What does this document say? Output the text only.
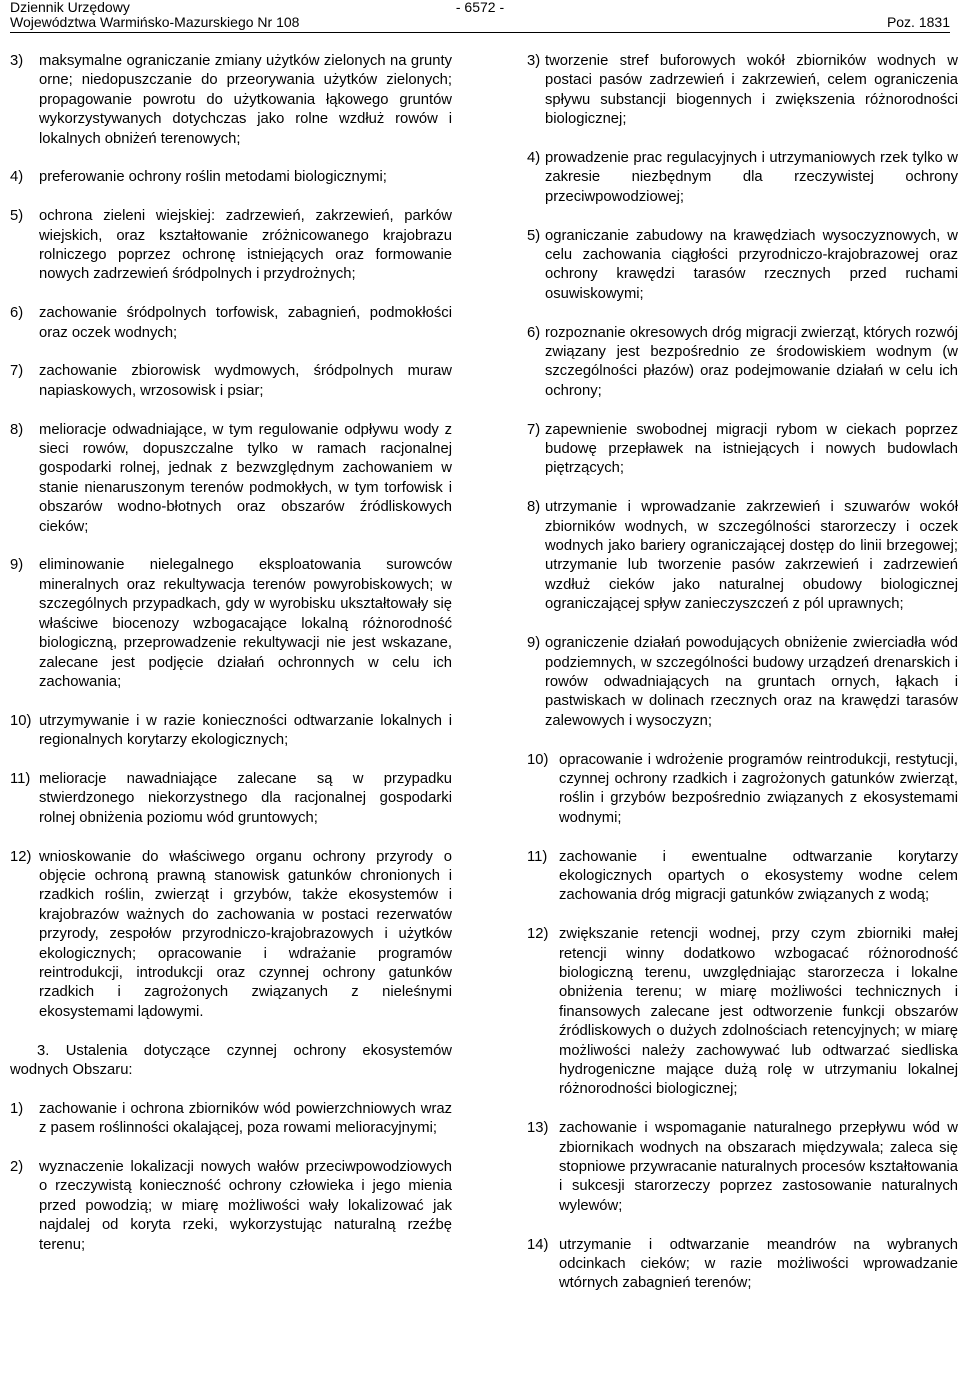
Dziennik Urzędowy
Województwa Warmińsko-Mazurskiego Nr 108
- 6572 -
Poz. 1831
3)	maksymalne ograniczanie zmiany użytków zielonych na grunty orne; niedopuszczanie do przeorywania użytków zielonych; propagowanie powrotu do użytkowania łąkowego gruntów wykorzystywanych dotychczas jako rolne wzdłuż rowów i lokalnych obniżeń terenowych;
4)	preferowanie ochrony roślin metodami biologicznymi;
5)	ochrona zieleni wiejskiej: zadrzewień, zakrzewień, parków wiejskich, oraz kształtowanie zróżnicowanego krajobrazu rolniczego poprzez ochronę istniejących oraz formowanie nowych zadrzewień śródpolnych i przydrożnych;
6)	zachowanie śródpolnych torfowisk, zabagnień, podmokłości oraz oczek wodnych;
7)	zachowanie zbiorowisk wydmowych, śródpolnych muraw napiaskowych, wrzosowisk i psiar;
8)	melioracje odwadniające, w tym regulowanie odpływu wody z sieci rowów, dopuszczalne tylko w ramach racjonalnej gospodarki rolnej, jednak z bezwzględnym zachowaniem w stanie nienaruszonym terenów podmokłych, w tym torfowisk i obszarów wodno-błotnych oraz obszarów źródliskowych cieków;
9)	eliminowanie nielegalnego eksploatowania surowców mineralnych oraz rekultywacja terenów powyrobiskowych; w szczególnych przypadkach, gdy w wyrobisku ukształtowały się właściwe biocenozy wzbogacające lokalną różnorodność biologiczną, przeprowadzenie rekultywacji nie jest wskazane, zalecane jest podjęcie działań ochronnych w celu ich zachowania;
10) utrzymywanie i w razie konieczności odtwarzanie lokalnych i regionalnych korytarzy ekologicznych;
11) melioracje nawadniające zalecane są w przypadku stwierdzonego niekorzystnego dla racjonalnej gospodarki rolnej obniżenia poziomu wód gruntowych;
12) wnioskowanie do właściwego organu ochrony przyrody o objęcie ochroną prawną stanowisk gatunków chronionych i rzadkich roślin, zwierząt i grzybów, także ekosystemów i krajobrazów ważnych do zachowania w postaci rezerwatów przyrody, zespołów przyrodniczo-krajobrazowych i użytków ekologicznych; opracowanie i wdrażanie programów reintrodukcji, introdukcji oraz czynnej ochrony gatunków rzadkich i zagrożonych związanych z nieleśnymi ekosystemami lądowymi.
3. Ustalenia dotyczące czynnej ochrony ekosystemów wodnych Obszaru:
1)	zachowanie i ochrona zbiorników wód powierzchniowych wraz z pasem roślinności okalającej, poza rowami melioracyjnymi;
2)	wyznaczenie lokalizacji nowych wałów przeciwpowodziowych o rzeczywistą konieczność ochrony człowieka i jego mienia przed powodzią; w miarę możliwości wały lokalizować jak najdalej od koryta rzeki, wykorzystując naturalną rzeźbę terenu;
3) tworzenie stref buforowych wokół zbiorników wodnych w postaci pasów zadrzewień i zakrzewień, celem ograniczenia spływu substancji biogennych i zwiększenia różnorodności biologicznej;
4) prowadzenie prac regulacyjnych i utrzymaniowych rzek tylko w zakresie niezbędnym dla rzeczywistej ochrony przeciwpowodziowej;
5) ograniczanie zabudowy na krawędziach wysoczyznowych, w celu zachowania ciągłości przyrodniczo-krajobrazowej oraz ochrony krawędzi tarasów rzecznych przed ruchami osuwiskowymi;
6) rozpoznanie okresowych dróg migracji zwierząt, których rozwój związany jest bezpośrednio ze środowiskiem wodnym (w szczególności płazów) oraz podejmowanie działań w celu ich ochrony;
7) zapewnienie swobodnej migracji rybom w ciekach poprzez budowę przepławek na istniejących i nowych budowlach piętrzących;
8) utrzymanie i wprowadzanie zakrzewień i szuwarów wokół zbiorników wodnych, w szczególności starorzeczy i oczek wodnych jako bariery ograniczającej dostęp do linii brzegowej; utrzymanie lub tworzenie pasów zakrzewień i zadrzewień wzdłuż cieków jako naturalnej obudowy biologicznej ograniczającej spływ zanieczyszczeń z pól uprawnych;
9) ograniczenie działań powodujących obniżenie zwierciadła wód podziemnych, w szczególności budowy urządzeń drenarskich i rowów odwadniających na gruntach ornych, łąkach i pastwiskach w dolinach rzecznych oraz na krawędzi tarasów zalewowych i wysoczyzn;
10) opracowanie i wdrożenie programów reintrodukcji, restytucji, czynnej ochrony rzadkich i zagrożonych gatunków zwierząt, roślin i grzybów bezpośrednio związanych z ekosystemami wodnymi;
11) zachowanie i ewentualne odtwarzanie korytarzy ekologicznych opartych o ekosystemy wodne celem zachowania dróg migracji gatunków związanych z wodą;
12) zwiększanie retencji wodnej, przy czym zbiorniki małej retencji winny dodatkowo wzbogacać różnorodność biologiczną terenu, uwzględniając starorzecza i lokalne obniżenia terenu; w miarę możliwości technicznych i finansowych zalecane jest odtworzenie funkcji obszarów źródliskowych o dużych zdolnościach retencyjnych; w miarę możliwości należy zachowywać lub odtwarzać siedliska hydrogeniczne mające dużą rolę w utrzymaniu lokalnej różnorodności biologicznej;
13) zachowanie i wspomaganie naturalnego przepływu wód w zbiornikach wodnych na obszarach międzywala; zaleca się stopniowe przywracanie naturalnych procesów kształtowania i sukcesji starorzeczy poprzez zastosowanie naturalnych wylewów;
14) utrzymanie i odtwarzanie meandrów na wybranych odcinkach cieków; w razie możliwości wprowadzanie wtórnych zabagnień terenów;
